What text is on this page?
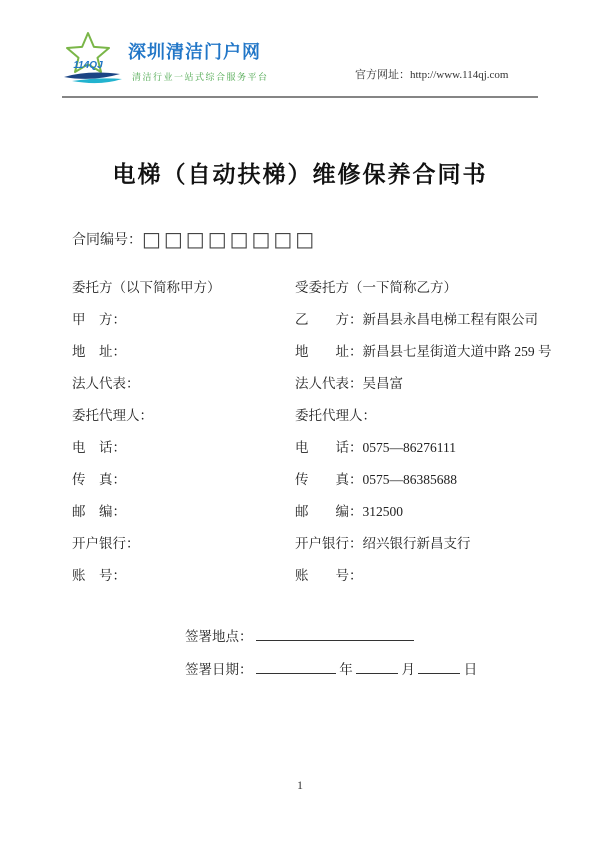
114QJ
深圳清洁门户网
清洁行业一站式综合服务平台	官方网址：http://www.114qj.com
电梯（自动扶梯）维修保养合同书
合同编号：□□□□□□□□
委托方（以下简称甲方）
甲　方：
地　址：
法人代表：
委托代理人：
电　话：
传　真：
邮　编：
开户银行：
账　号：
受委托方（一下简称乙方）
乙　　方：新昌县永昌电梯工程有限公司
地　　址：新昌县七星街道大道中路 259 号
法人代表：吴昌富
委托代理人：
电　　话：0575—86276111
传　　真：0575—86385688
邮　　编：312500
开户银行：绍兴银行新昌支行
账　　号：
签署地点：
签署日期：	年	月	日
1
